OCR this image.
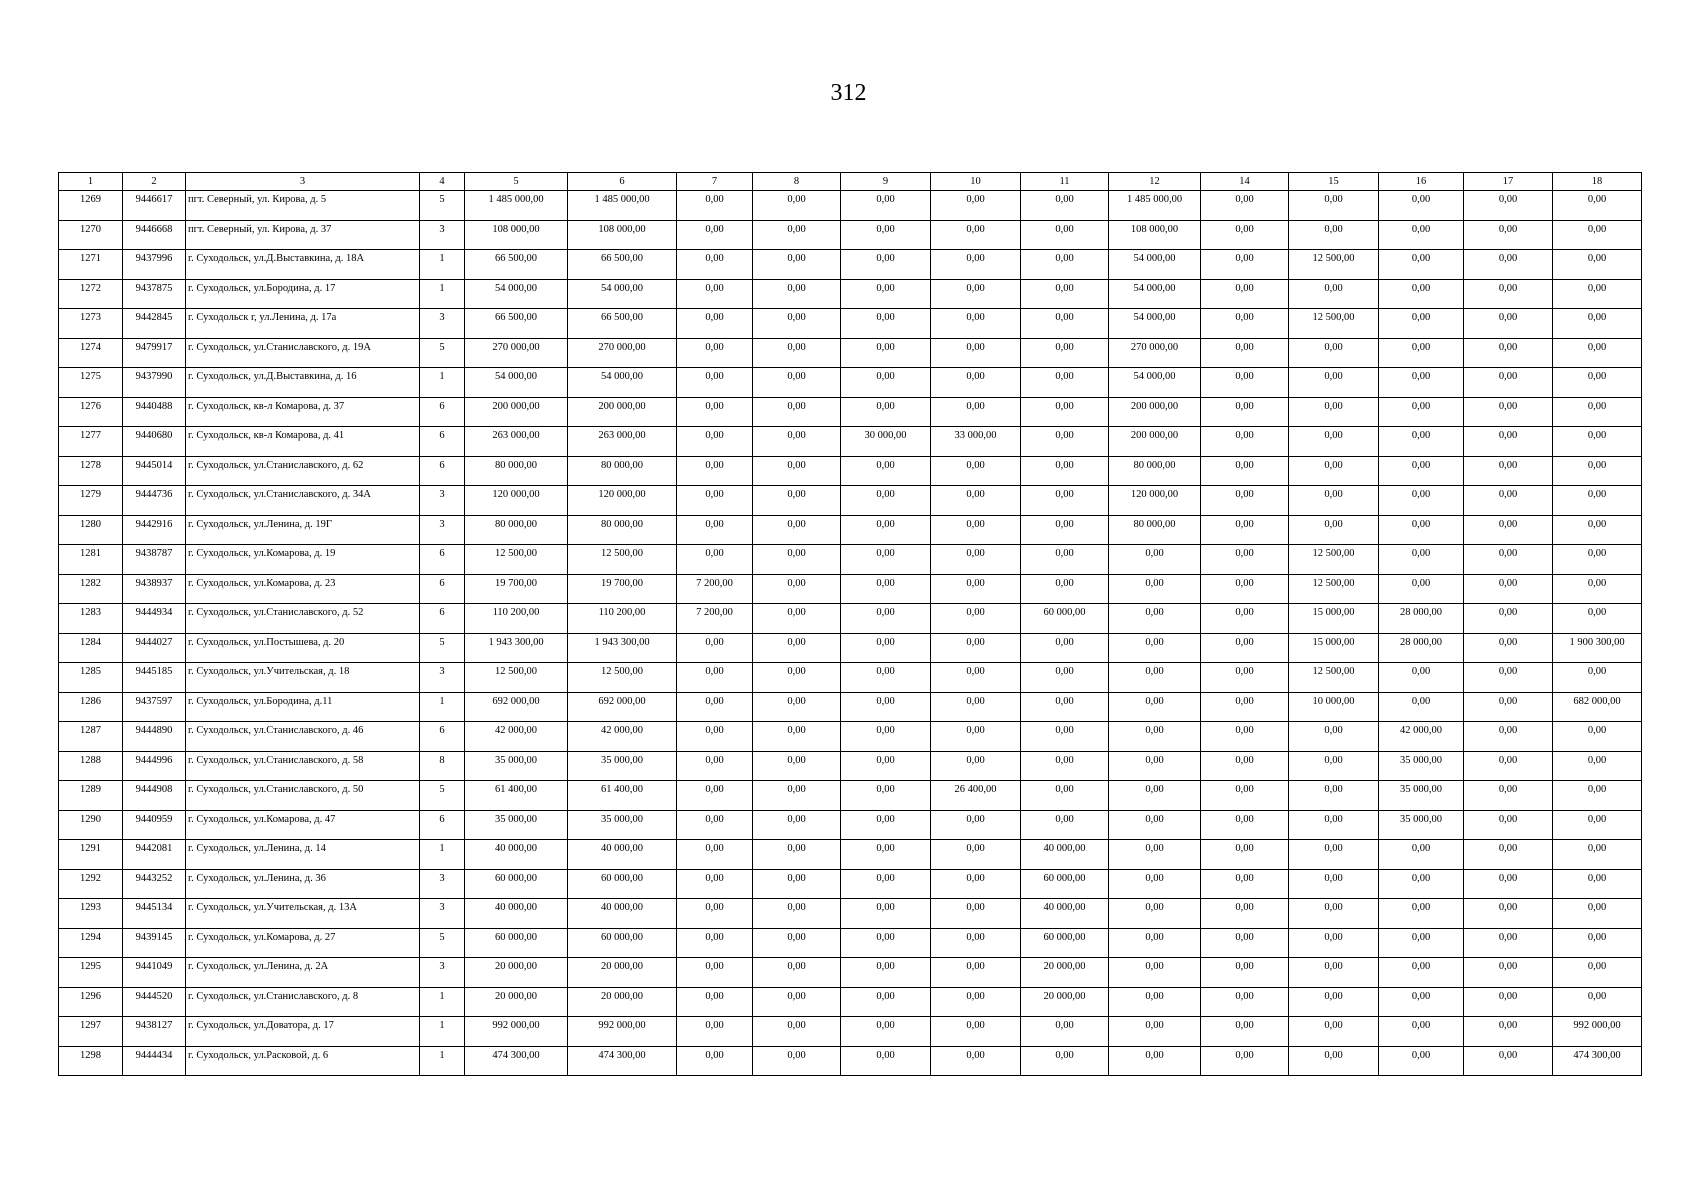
312
1	2	3	4	5	6	7	8	9	10	11	12	14	15	16	17	18
1269	9446617	пгт. Северный, ул. Кирова, д. 5	5	1 485 000,00	1 485 000,00	0,00	0,00	0,00	0,00	0,00	1 485 000,00	0,00	0,00	0,00	0,00	0,00
1270	9446668	пгт. Северный, ул. Кирова, д. 37	3	108 000,00	108 000,00	0,00	0,00	0,00	0,00	0,00	108 000,00	0,00	0,00	0,00	0,00	0,00
1271	9437996	г. Суходольск, ул.Д.Выставкина, д. 18А	1	66 500,00	66 500,00	0,00	0,00	0,00	0,00	0,00	54 000,00	0,00	12 500,00	0,00	0,00	0,00
1272	9437875	г. Суходольск, ул.Бородина, д. 17	1	54 000,00	54 000,00	0,00	0,00	0,00	0,00	0,00	54 000,00	0,00	0,00	0,00	0,00	0,00
1273	9442845	г. Суходольск г, ул.Ленина, д. 17а	3	66 500,00	66 500,00	0,00	0,00	0,00	0,00	0,00	54 000,00	0,00	12 500,00	0,00	0,00	0,00
1274	9479917	г. Суходольск, ул.Станиславского, д. 19А	5	270 000,00	270 000,00	0,00	0,00	0,00	0,00	0,00	270 000,00	0,00	0,00	0,00	0,00	0,00
1275	9437990	г. Суходольск, ул.Д.Выставкина, д. 16	1	54 000,00	54 000,00	0,00	0,00	0,00	0,00	0,00	54 000,00	0,00	0,00	0,00	0,00	0,00
1276	9440488	г. Суходольск, кв-л Комарова, д. 37	6	200 000,00	200 000,00	0,00	0,00	0,00	0,00	0,00	200 000,00	0,00	0,00	0,00	0,00	0,00
1277	9440680	г. Суходольск, кв-л Комарова, д. 41	6	263 000,00	263 000,00	0,00	0,00	30 000,00	33 000,00	0,00	200 000,00	0,00	0,00	0,00	0,00	0,00
1278	9445014	г. Суходольск, ул.Станиславского, д. 62	6	80 000,00	80 000,00	0,00	0,00	0,00	0,00	0,00	80 000,00	0,00	0,00	0,00	0,00	0,00
1279	9444736	г. Суходольск, ул.Станиславского, д. 34А	3	120 000,00	120 000,00	0,00	0,00	0,00	0,00	0,00	120 000,00	0,00	0,00	0,00	0,00	0,00
1280	9442916	г. Суходольск, ул.Ленина, д. 19Г	3	80 000,00	80 000,00	0,00	0,00	0,00	0,00	0,00	80 000,00	0,00	0,00	0,00	0,00	0,00
1281	9438787	г. Суходольск, ул.Комарова, д. 19	6	12 500,00	12 500,00	0,00	0,00	0,00	0,00	0,00	0,00	0,00	12 500,00	0,00	0,00	0,00
1282	9438937	г. Суходольск, ул.Комарова, д. 23	6	19 700,00	19 700,00	7 200,00	0,00	0,00	0,00	0,00	0,00	0,00	12 500,00	0,00	0,00	0,00
1283	9444934	г. Суходольск, ул.Станиславского, д. 52	6	110 200,00	110 200,00	7 200,00	0,00	0,00	0,00	60 000,00	0,00	0,00	15 000,00	28 000,00	0,00	0,00
1284	9444027	г. Суходольск, ул.Постышева, д. 20	5	1 943 300,00	1 943 300,00	0,00	0,00	0,00	0,00	0,00	0,00	0,00	15 000,00	28 000,00	0,00	1 900 300,00
1285	9445185	г. Суходольск, ул.Учительская, д. 18	3	12 500,00	12 500,00	0,00	0,00	0,00	0,00	0,00	0,00	0,00	12 500,00	0,00	0,00	0,00
1286	9437597	г. Суходольск, ул.Бородина, д.11	1	692 000,00	692 000,00	0,00	0,00	0,00	0,00	0,00	0,00	0,00	10 000,00	0,00	0,00	682 000,00
1287	9444890	г. Суходольск, ул.Станиславского, д. 46	6	42 000,00	42 000,00	0,00	0,00	0,00	0,00	0,00	0,00	0,00	0,00	42 000,00	0,00	0,00
1288	9444996	г. Суходольск, ул.Станиславского, д. 58	8	35 000,00	35 000,00	0,00	0,00	0,00	0,00	0,00	0,00	0,00	0,00	35 000,00	0,00	0,00
1289	9444908	г. Суходольск, ул.Станиславского, д. 50	5	61 400,00	61 400,00	0,00	0,00	0,00	26 400,00	0,00	0,00	0,00	0,00	35 000,00	0,00	0,00
1290	9440959	г. Суходольск, ул.Комарова, д. 47	6	35 000,00	35 000,00	0,00	0,00	0,00	0,00	0,00	0,00	0,00	0,00	35 000,00	0,00	0,00
1291	9442081	г. Суходольск, ул.Ленина, д. 14	1	40 000,00	40 000,00	0,00	0,00	0,00	0,00	40 000,00	0,00	0,00	0,00	0,00	0,00	0,00
1292	9443252	г. Суходольск, ул.Ленина, д. 36	3	60 000,00	60 000,00	0,00	0,00	0,00	0,00	60 000,00	0,00	0,00	0,00	0,00	0,00	0,00
1293	9445134	г. Суходольск, ул.Учительская, д. 13А	3	40 000,00	40 000,00	0,00	0,00	0,00	0,00	40 000,00	0,00	0,00	0,00	0,00	0,00	0,00
1294	9439145	г. Суходольск, ул.Комарова, д. 27	5	60 000,00	60 000,00	0,00	0,00	0,00	0,00	60 000,00	0,00	0,00	0,00	0,00	0,00	0,00
1295	9441049	г. Суходольск, ул.Ленина, д. 2А	3	20 000,00	20 000,00	0,00	0,00	0,00	0,00	20 000,00	0,00	0,00	0,00	0,00	0,00	0,00
1296	9444520	г. Суходольск, ул.Станиславского, д. 8	1	20 000,00	20 000,00	0,00	0,00	0,00	0,00	20 000,00	0,00	0,00	0,00	0,00	0,00	0,00
1297	9438127	г. Суходольск, ул.Доватора, д. 17	1	992 000,00	992 000,00	0,00	0,00	0,00	0,00	0,00	0,00	0,00	0,00	0,00	0,00	992 000,00
1298	9444434	г. Суходольск, ул.Расковой, д. 6	1	474 300,00	474 300,00	0,00	0,00	0,00	0,00	0,00	0,00	0,00	0,00	0,00	0,00	474 300,00
